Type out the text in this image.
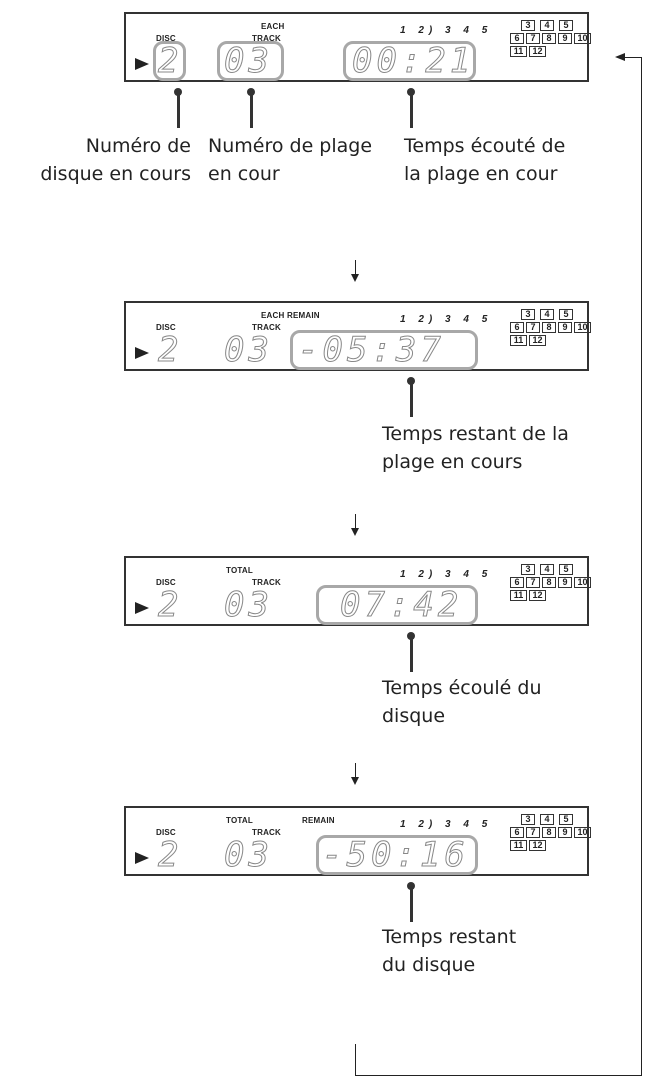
DISC
EACH
TRACK
2 03 00:21
1 2) 3 4 5	3	4	5
6	7	8	9	10
11	12
Numéro de
disque en cours
Numéro de plage
en cour
Temps écouté de
la plage en cour
DISC
EACH
TRACK
REMAIN
2 03 -05:37
1 2) 3 4 5	3	4	5
6	7	8	9	10
11	12
Temps restant de la
plage en cours
DISC
TOTAL
TRACK
2 03 07:42
1 2) 3 4 5	3	4	5
6	7	8	9	10
11	12
Temps écoulé du
disque
DISC
TOTAL
TRACK
REMAIN
2 03 -50:16
1 2) 3 4 5	3	4	5
6	7	8	9	10
11	12
Temps restant
du disque
